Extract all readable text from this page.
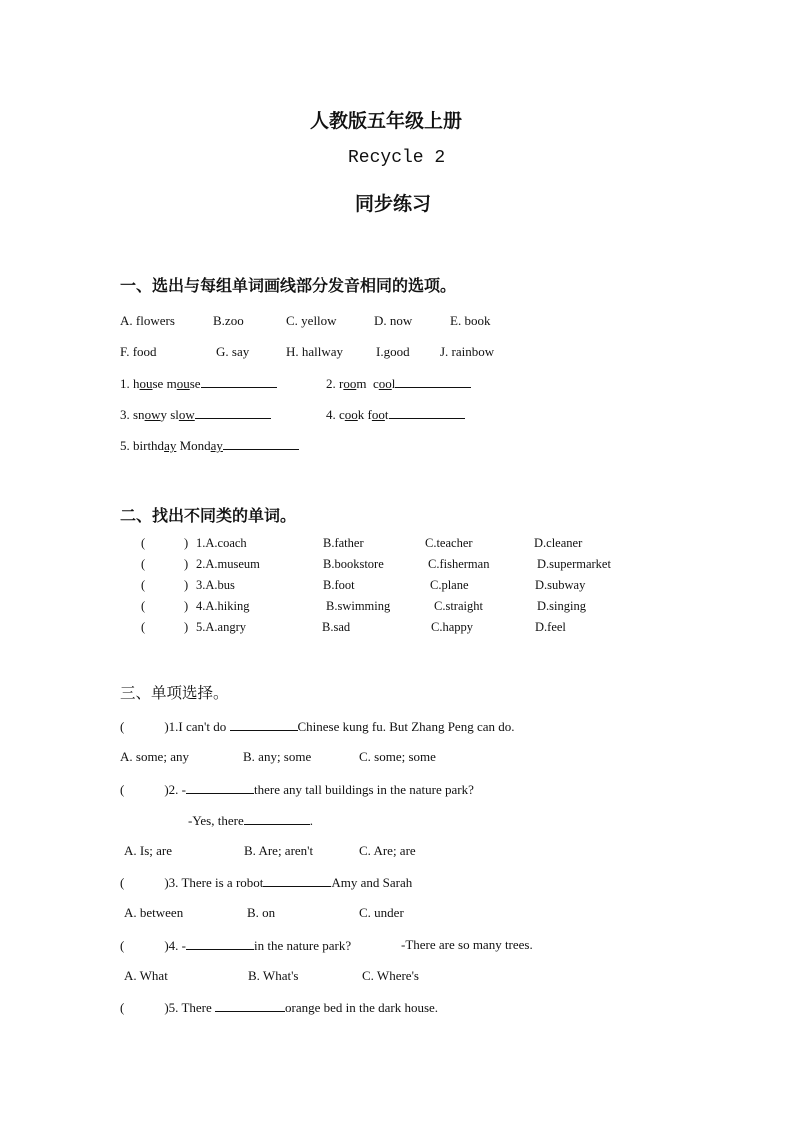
人教版五年级上册
Recycle 2
同步练习
一、选出与每组单词画线部分发音相同的选项。
A. flowers	B.zoo	C. yellow	D. now	E. book
F. food	G. say	H. hallway	I.good J. rainbow
1. house mouse	2. room cool
3. snowy slow	4. cook foot
5. birthday Monday
二、找出不同类的单词。
(	) 1.A.coach	B.father	C.teacher	D.cleaner
(	) 2.A.museum	B.bookstore	C.fisherman	D.supermarket
(	) 3.A.bus	B.foot	C.plane	D.subway
(	) 4.A.hiking	B.swimming	C.straight	D.singing
(	) 5.A.angry	B.sad	C.happy	D.feel
三、单项选择。
(	)1.I can't do	Chinese kung fu. But Zhang Peng can do.
A. some; any	B. any; some	C. some; some
(	)2. -	there any tall buildings in the nature park?
-Yes, there	.
A. Is; are	B. Are; aren't	C. Are; are
(	)3. There is a robot	Amy and Sarah
A. between	B. on	C. under
(	)4. -	in the nature park?	-There are so many trees.
A. What	B. What's	C. Where's
(	)5. There	orange bed in the dark house.
